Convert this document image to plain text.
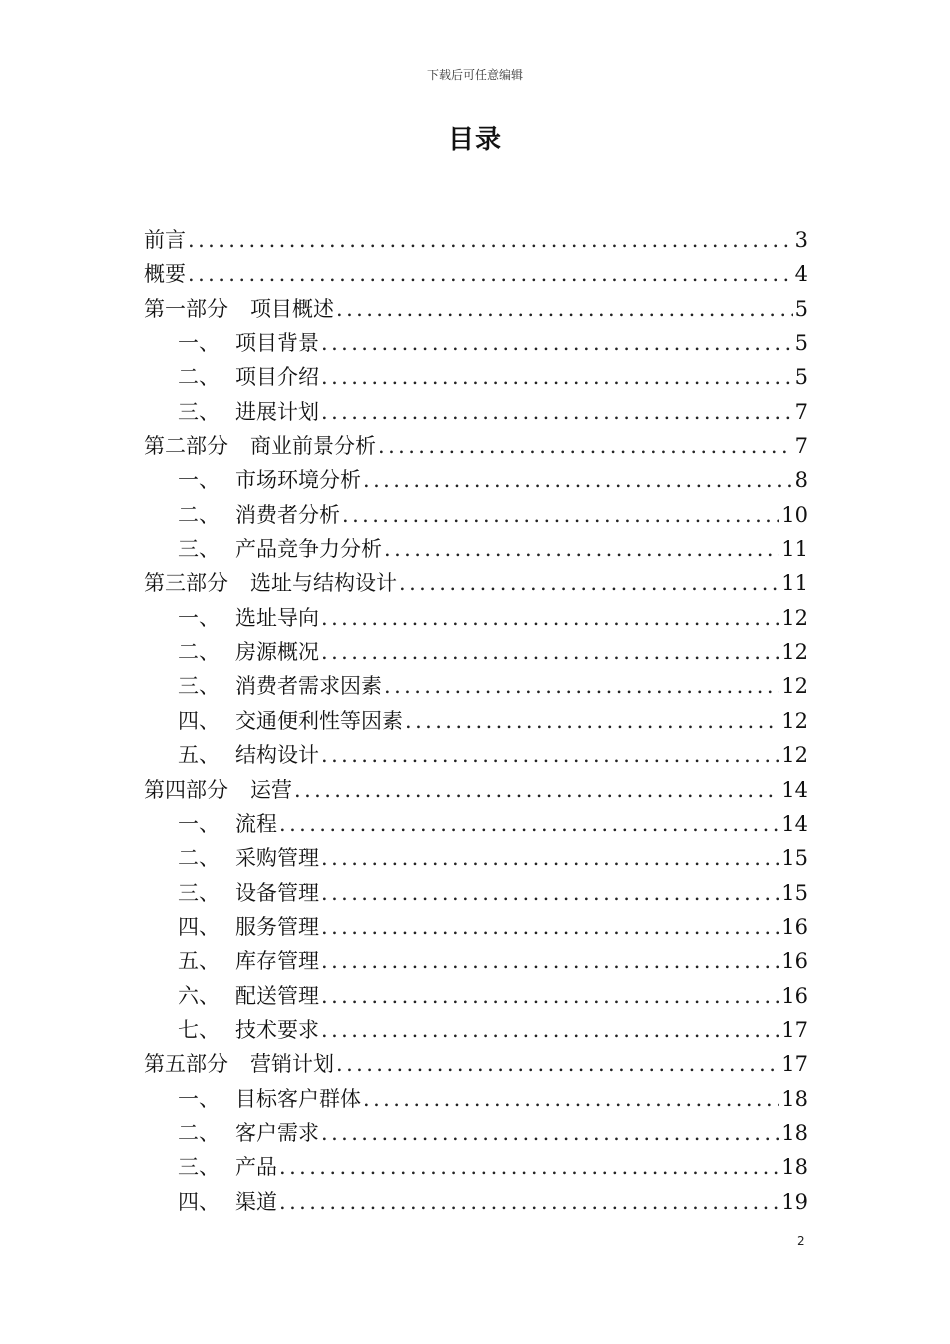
下载后可任意编辑
目录
前言 .....	3
概要 .....	4
第一部分 项目概述 .....	5
一、 项目背景 .....	5
二、 项目介绍 .....	5
三、 进展计划 .....	7
第二部分 商业前景分析 .....	7
一、 市场环境分析 .....	8
二、 消费者分析 .....	10
三、 产品竞争力分析 .....	11
第三部分 选址与结构设计 .....	11
一、 选址导向 .....	12
二、 房源概况 .....	12
三、 消费者需求因素 .....	12
四、 交通便利性等因素 .....	12
五、 结构设计 .....	12
第四部分 运营 .....	14
一、 流程 .....	14
二、 采购管理 .....	15
三、 设备管理 .....	15
四、 服务管理 .....	16
五、 库存管理 .....	16
六、 配送管理 .....	16
七、 技术要求 .....	17
第五部分 营销计划 .....	17
一、 目标客户群体 .....	18
二、 客户需求 .....	18
三、 产品 .....	18
四、 渠道 .....	19
2
